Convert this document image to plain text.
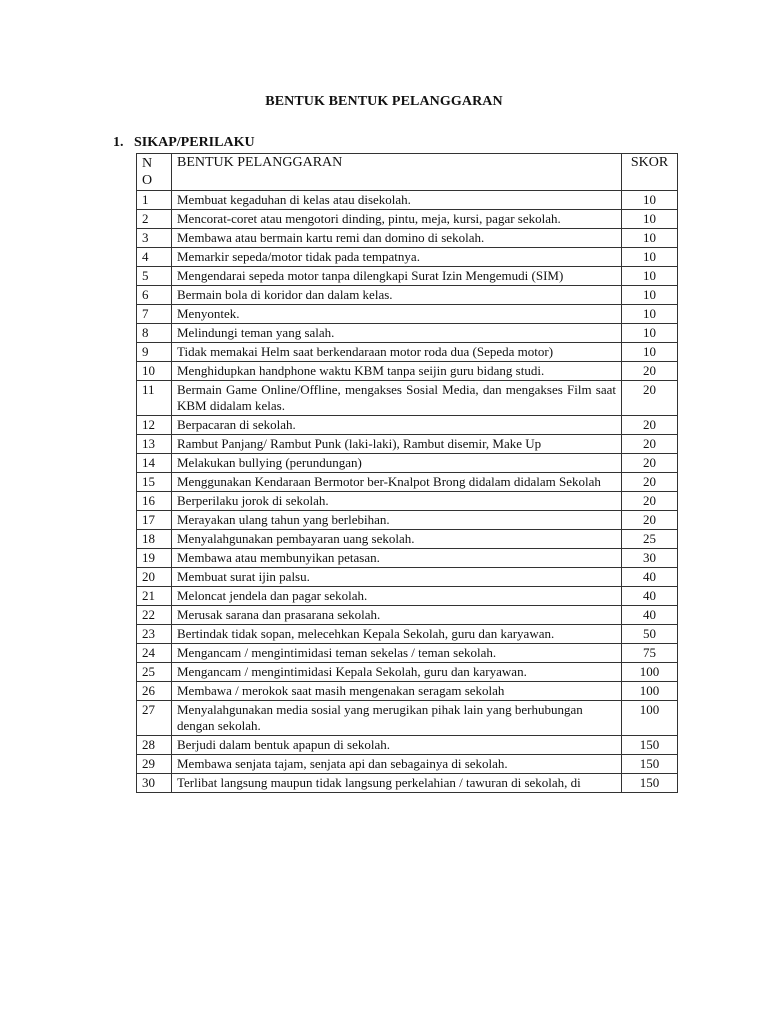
BENTUK BENTUK PELANGGARAN
1. SIKAP/PERILAKU
N
O	BENTUK PELANGGARAN	SKOR
1	Membuat kegaduhan di kelas atau disekolah.	10
2	Mencorat-coret atau mengotori dinding, pintu, meja, kursi, pagar sekolah.	10
3	Membawa atau bermain kartu remi dan domino di sekolah.	10
4	Memarkir sepeda/motor tidak pada tempatnya.	10
5	Mengendarai sepeda motor tanpa dilengkapi Surat Izin Mengemudi (SIM)	10
6	Bermain bola di koridor dan dalam kelas.	10
7	Menyontek.	10
8	Melindungi teman yang salah.	10
9	Tidak memakai Helm saat berkendaraan motor roda dua (Sepeda motor)	10
10	Menghidupkan handphone waktu KBM tanpa seijin guru bidang studi.	20
11	Bermain Game Online/Offline, mengakses Sosial Media, dan mengakses Film saat KBM didalam kelas.	20
12	Berpacaran di sekolah.	20
13	Rambut Panjang/ Rambut Punk (laki-laki), Rambut disemir, Make Up	20
14	Melakukan bullying (perundungan)	20
15	Menggunakan Kendaraan Bermotor ber-Knalpot Brong didalam didalam Sekolah	20
16	Berperilaku jorok di sekolah.	20
17	Merayakan ulang tahun yang berlebihan.	20
18	Menyalahgunakan pembayaran uang sekolah.	25
19	Membawa atau membunyikan petasan.	30
20	Membuat surat ijin palsu.	40
21	Meloncat jendela dan pagar sekolah.	40
22	Merusak sarana dan prasarana sekolah.	40
23	Bertindak tidak sopan, melecehkan Kepala Sekolah, guru dan karyawan.	50
24	Mengancam / mengintimidasi teman sekelas / teman sekolah.	75
25	Mengancam / mengintimidasi Kepala Sekolah, guru dan karyawan.	100
26	Membawa / merokok saat masih mengenakan seragam sekolah	100
27	Menyalahgunakan media sosial yang merugikan pihak lain yang berhubungan
dengan sekolah.	100
28	Berjudi dalam bentuk apapun di sekolah.	150
29	Membawa senjata tajam, senjata api dan sebagainya di sekolah.	150
30	Terlibat langsung maupun tidak langsung perkelahian / tawuran di sekolah, di	150
